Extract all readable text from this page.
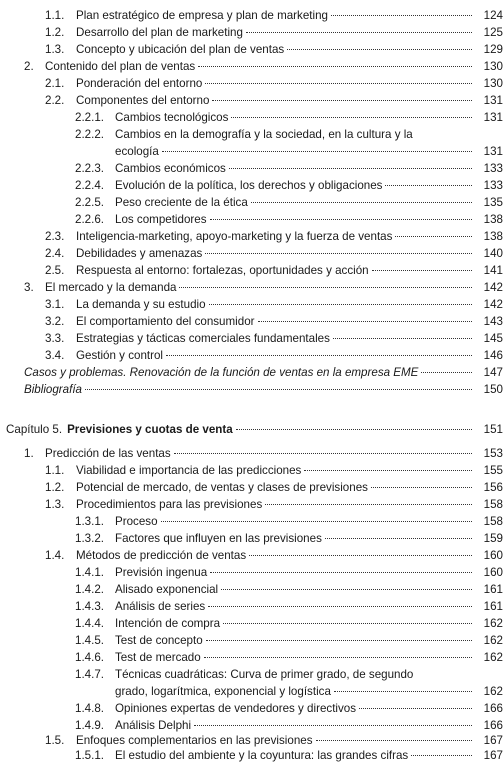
1.1.	Plan estratégico de empresa y plan de marketing	124
1.2.	Desarrollo del plan de marketing	125
1.3.	Concepto y ubicación del plan de ventas	129
2. Contenido del plan de ventas	130
2.1.	Ponderación del entorno	130
2.2.	Componentes del entorno	131
2.2.1. Cambios tecnológicos	131
2.2.2. Cambios en la demografía y la sociedad, en la cultura y la
ecología	131
2.2.3. Cambios económicos	133
2.2.4. Evolución de la política, los derechos y obligaciones	133
2.2.5. Peso creciente de la ética	135
2.2.6. Los competidores	138
2.3.	Inteligencia-marketing, apoyo-marketing y la fuerza de ventas	138
2.4.	Debilidades y amenazas	140
2.5.	Respuesta al entorno: fortalezas, oportunidades y acción	141
3. El mercado y la demanda	142
3.1.	La demanda y su estudio	142
3.2.	El comportamiento del consumidor	143
3.3.	Estrategias y tácticas comerciales fundamentales	145
3.4.	Gestión y control	146
Casos y problemas. Renovación de la función de ventas en la empresa EME	147
Bibliografía	150
Capítulo 5. Previsiones y cuotas de venta	151
1. Predicción de las ventas	153
1.1.	Viabilidad e importancia de las predicciones	155
1.2.	Potencial de mercado, de ventas y clases de previsiones	156
1.3.	Procedimientos para las previsiones	158
1.3.1. Proceso	158
1.3.2. Factores que influyen en las previsiones	159
1.4.	Métodos de predicción de ventas	160
1.4.1. Previsión ingenua	160
1.4.2. Alisado exponencial	161
1.4.3. Análisis de series	161
1.4.4. Intención de compra	162
1.4.5. Test de concepto	162
1.4.6. Test de mercado	162
1.4.7. Técnicas cuadráticas: Curva de primer grado, de segundo
grado, logarítmica, exponencial y logística	162
1.4.8. Opiniones expertas de vendedores y directivos	166
1.4.9. Análisis Delphi	166
1.5.	Enfoques complementarios en las previsiones	167
1.5.1. El estudio del ambiente y la coyuntura: las grandes cifras	167
